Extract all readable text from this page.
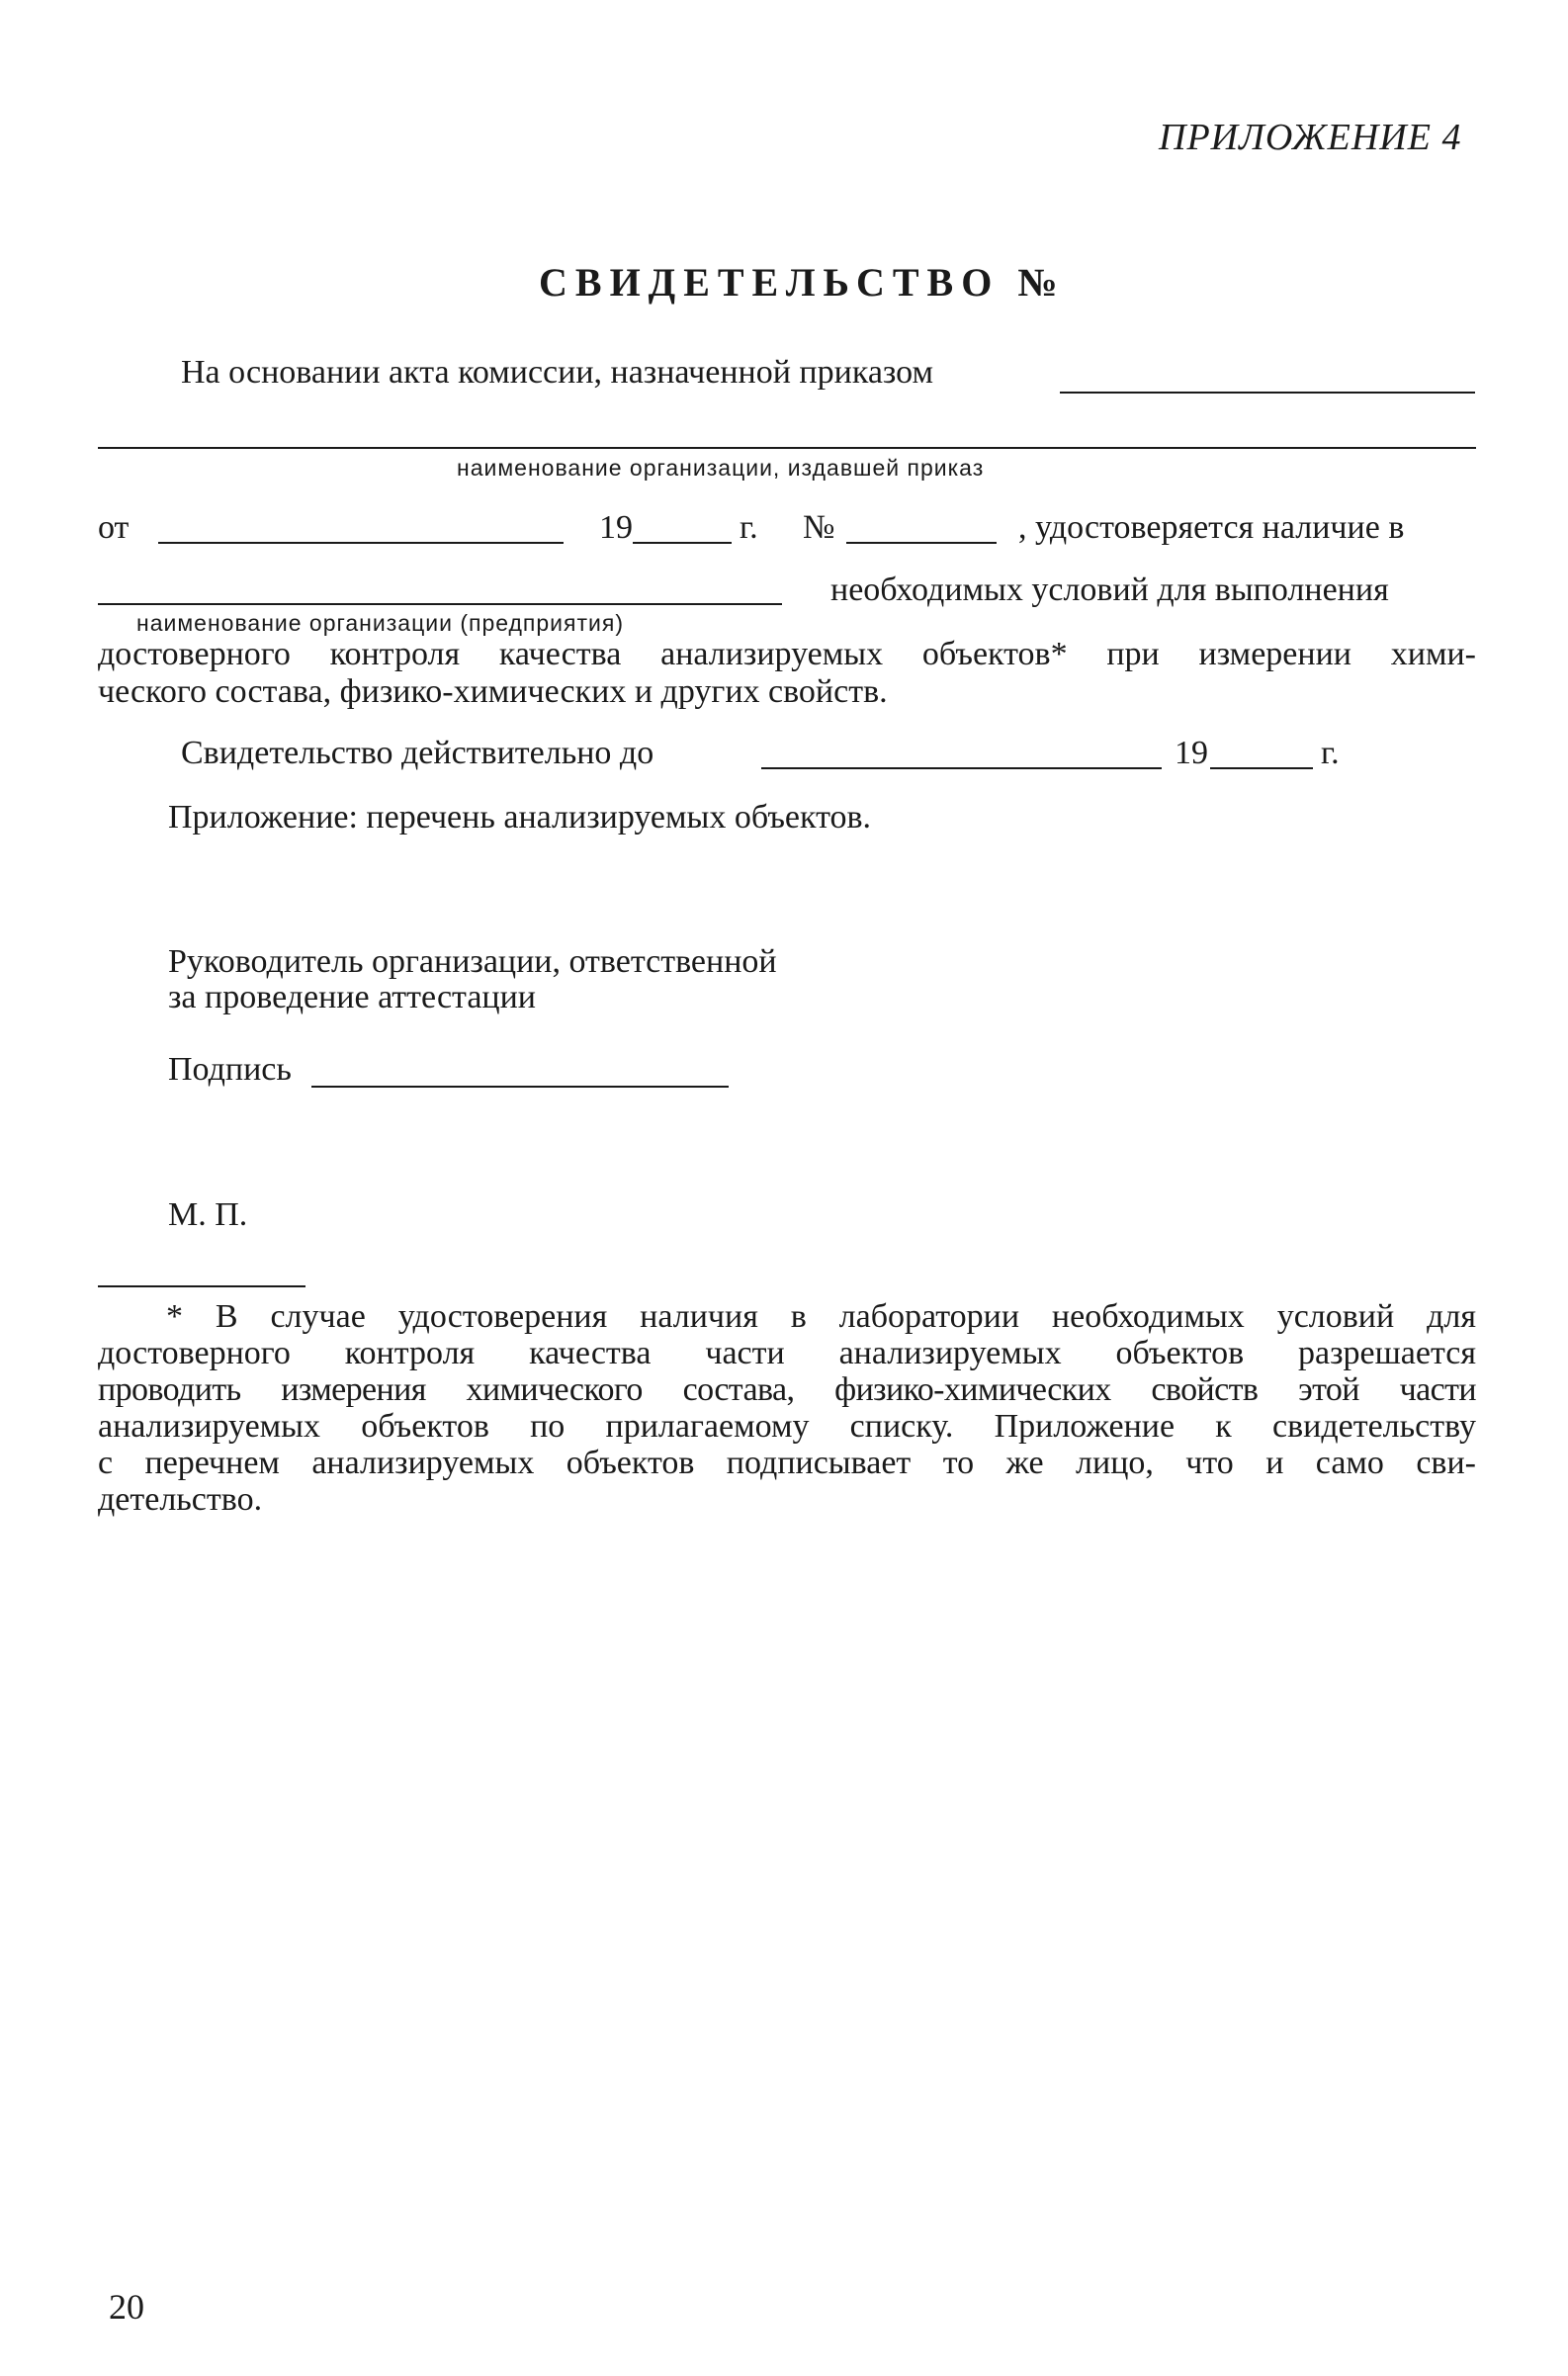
ПРИЛОЖЕНИЕ 4
СВИДЕТЕЛЬСТВО №
На основании акта комиссии, назначенной приказом
наименование организации, издавшей приказ
от	19	г. №	, удостоверяется наличие в
необходимых условий для выполнения
наименование организации (предприятия)
достоверного контроля качества анализируемых объектов* при измерении хими-
ческого состава, физико-химических и других свойств.
Свидетельство действительно до	19	г.
Приложение: перечень анализируемых объектов.
Руководитель организации, ответственной
за проведение аттестации
Подпись
М. П.
* В случае удостоверения наличия в лаборатории необходимых условий для
достоверного контроля качества части анализируемых объектов разрешается
проводить измерения химического состава, физико-химических свойств этой части
анализируемых объектов по прилагаемому списку. Приложение к свидетельству
с перечнем анализируемых объектов подписывает то же лицо, что и само сви-
детельство.
20
